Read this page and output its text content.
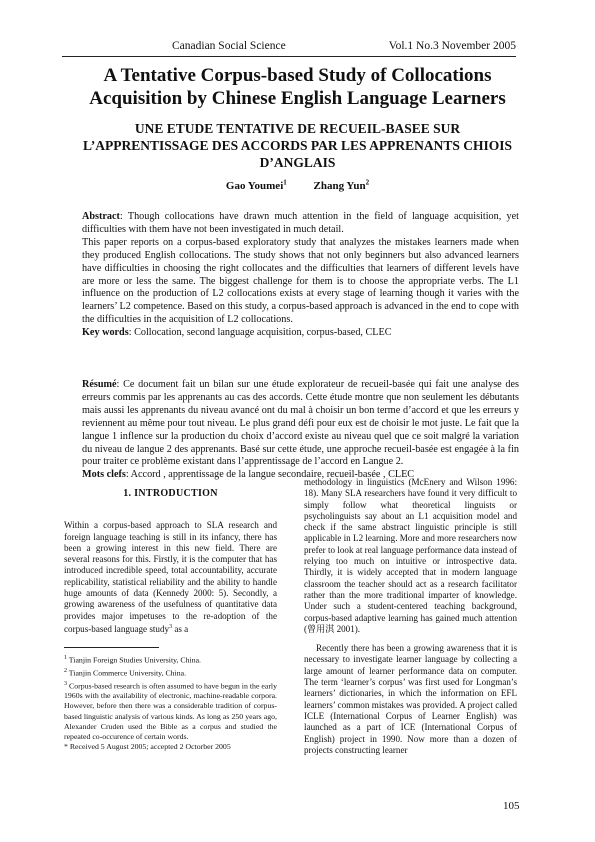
Canadian Social Science	Vol.1 No.3 November 2005
A Tentative Corpus-based Study of Collocations
Acquisition by Chinese English Language Learners
UNE ETUDE TENTATIVE DE RECUEIL-BASEE SUR
L’APPRENTISSAGE DES ACCORDS PAR LES APPRENANTS CHIOIS
D’ANGLAIS
Gao Youmei$^1$ Zhang Yun$^2$

Abstract: Though collocations have drawn much attention in the field of language acquisition, yet difficulties with them have not been investigated in much detail.

This paper reports on a corpus-based exploratory study that analyzes the mistakes learners made when they produced English collocations. The study shows that not only beginners but also advanced learners have difficulties in choosing the right collocates and the difficulties that learners of different levels have are more or less the same. The biggest challenge for them is to choose the appropriate verbs. The L1 influence on the production of L2 collocations exists at every stage of learning though it varies with the learners’ L2 competence. Based on this study, a corpus-based approach is advanced in the end to cope with the difficulties in the acquisition of L2 collocations.

Key words: Collocation, second language acquisition, corpus-based, CLEC

Résumé: Ce document fait un bilan sur une étude explorateur de recueil-basée qui fait une analyse des erreurs commis par les apprenants au cas des accords. Cette étude montre que non seulement les débutants mais aussi les apprenants du niveau avancé ont du mal à choisir un bon terme d’accord et que les erreurs y reviennent au même pour tout niveau. Le plus grand défi pour eux est de choisir le mot juste. Le fait que la langue 1 inflence sur la production du choix d’accord existe au niveau quel que ce soit malgré la variation du niveau de langue 2 des apprenants. Basé sur cette étude, une approche recueil-basée est engagée à la fin pour traiter ce problème existant dans l’apprentissage de l’accord en Langue 2.

Mots clefs: Accord , apprentissage de la langue secondaire, recueil-basée , CLEC

1. INTRODUCTION

Within a corpus-based approach to SLA research and foreign language teaching is still in its infancy, there has been a growing interest in this new field. There are several reasons for this. Firstly, it is the computer that has introduced incredible speed, total accountability, accurate replicability, statistical reliability and the ability to handle huge amounts of data (Kennedy 2000: 5). Secondly, a growing awareness of the usefulness of quantitative data provides major impetuses to the re-adoption of the corpus-based language study$^3$ as a

$^1$ Tianjin Foreign Studies University, China.
$^2$ Tianjin Commerce University, China.
$^3$ Corpus-based research is often assumed to have begun in the early 1960s with the availability of electronic, machine-readable corpora. However, before then there was a considerable tradition of corpus-based linguistic analysis of various kinds. As long as 250 years ago, Alexander Cruden used the Bible as a corpus and studied the repeated co-occurence of certain words.
* Received 5 August 2005; accepted 2 Octorber 2005

methodology in linguistics (McEnery and Wilson 1996: 18). Many SLA researchers have found it very difficult to simply follow what theoretical linguists or psycholinguists say about an L1 acquisition model and check if the same abstract linguistic principle is still applicable in L2 learning. More and more researchers now prefer to look at real language performance data instead of relying too much on intuitive or introspective data. Thirdly, it is widely accepted that in modern language classroom the teacher should act as a research facilitator rather than the more traditional imparter of knowledge. Under such a student-centered teaching background, corpus-based adaptive learning has gained much attention (曾用淇 2001).

Recently there has been a growing awareness that it is necessary to investigate learner language by collecting a large amount of learner performance data on computer. The term ‘learner’s corpus’ was first used for Longman’s learners’ dictionaries, in which the information on EFL learners’ common mistakes was provided. A project called ICLE (International Corpus of Learner English) was launched as a part of ICE (International Corpus of English) project in 1990. Now more than a dozen of projects constructing learner

105
